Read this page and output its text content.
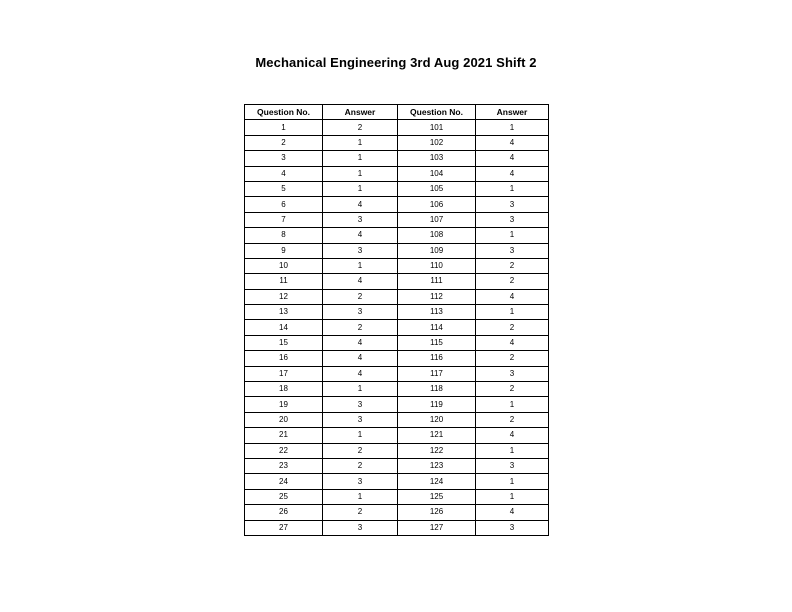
Mechanical Engineering 3rd Aug 2021 Shift 2
Question No.	Answer	Question No.	Answer
1	2	101	1
2	1	102	4
3	1	103	4
4	1	104	4
5	1	105	1
6	4	106	3
7	3	107	3
8	4	108	1
9	3	109	3
10	1	110	2
11	4	111	2
12	2	112	4
13	3	113	1
14	2	114	2
15	4	115	4
16	4	116	2
17	4	117	3
18	1	118	2
19	3	119	1
20	3	120	2
21	1	121	4
22	2	122	1
23	2	123	3
24	3	124	1
25	1	125	1
26	2	126	4
27	3	127	3
